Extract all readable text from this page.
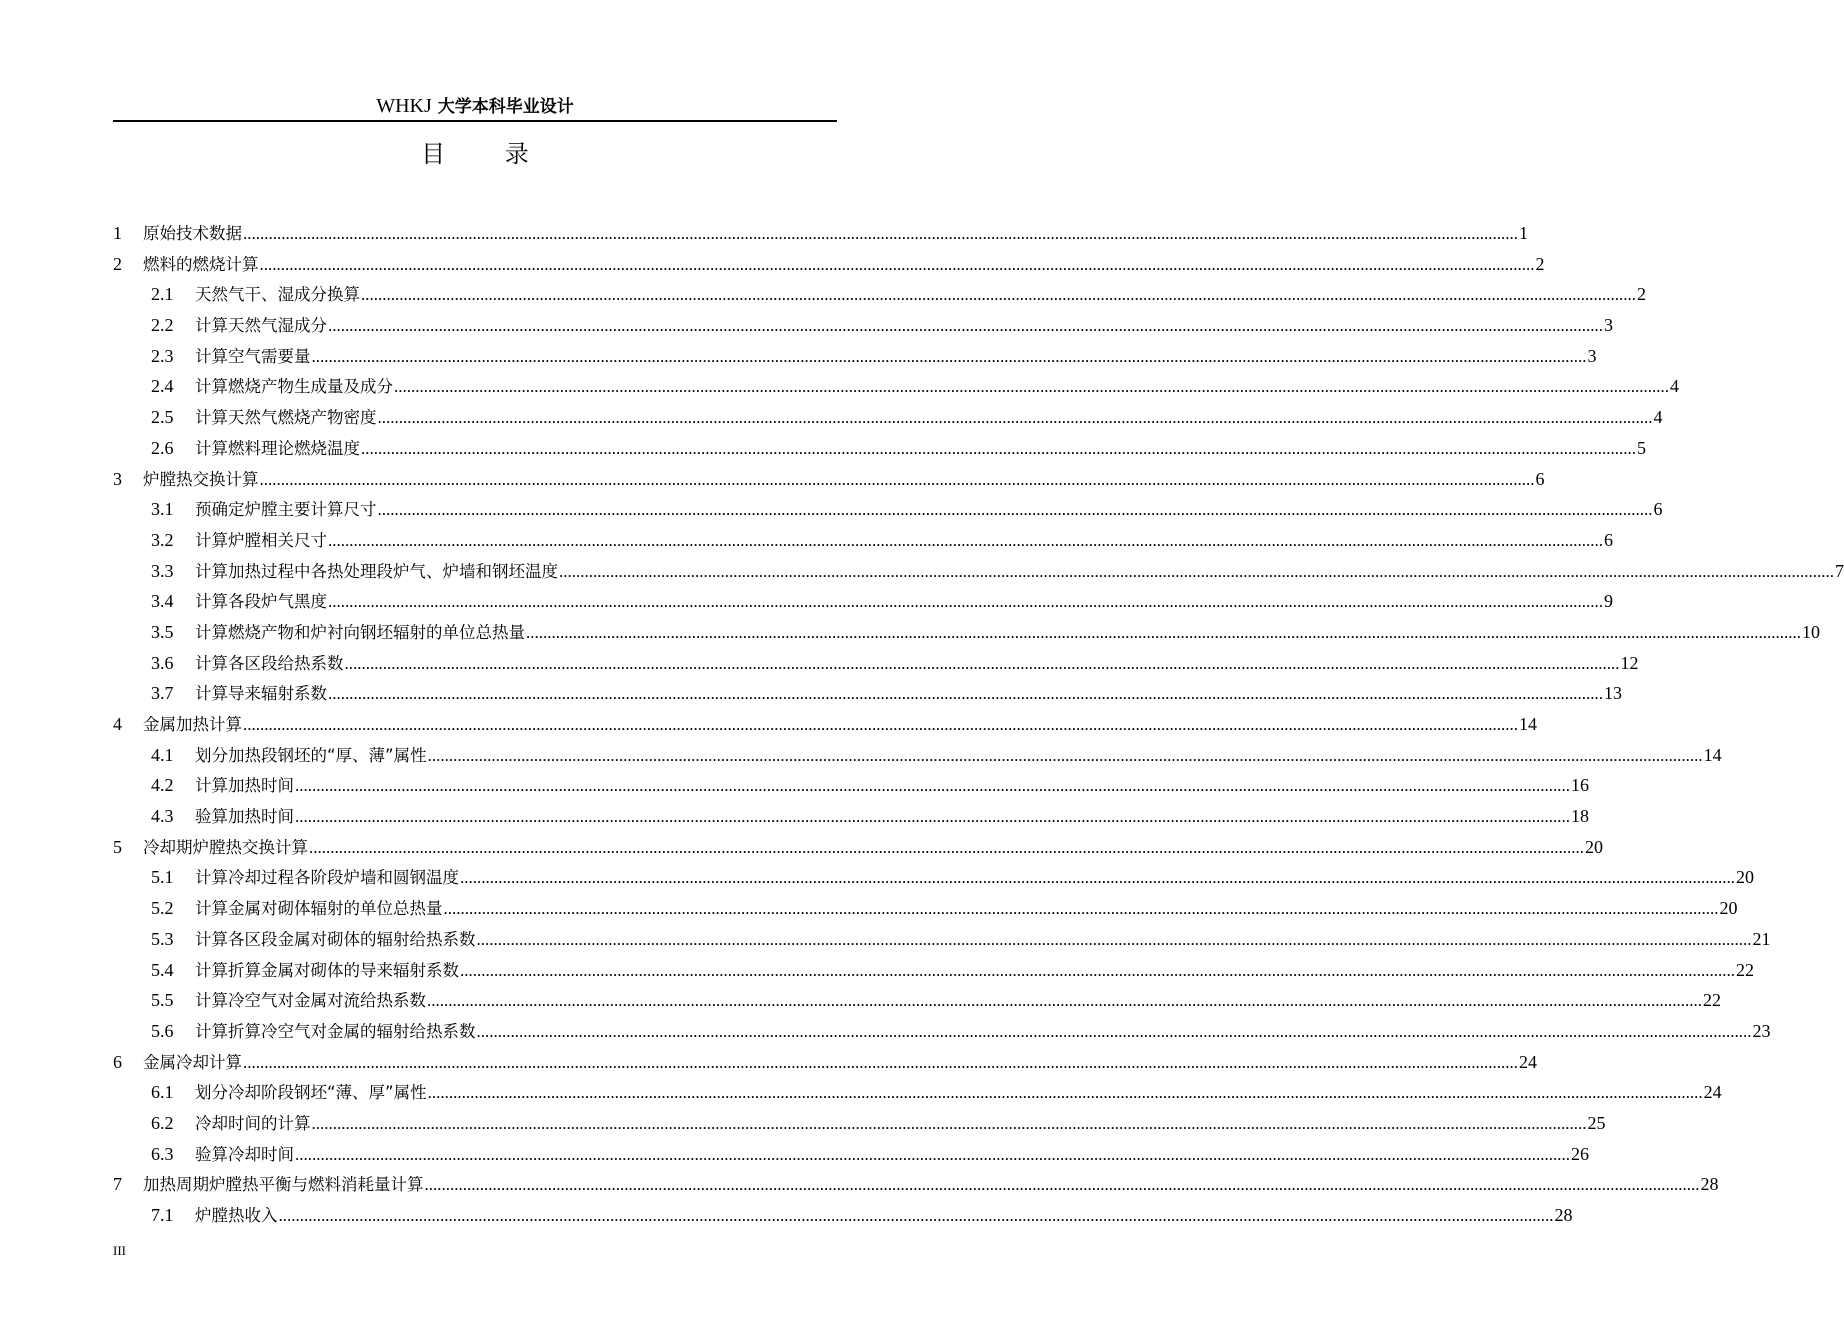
WHKJ 大学本科毕业设计
目 录
1	原始技术数据 ............................................................................................................................................................................................................................................................................................................ 1
2	燃料的燃烧计算 ............................................................................................................................................................................................................................................................................................................ 2
2.1	天然气干、湿成分换算 ............................................................................................................................................................................................................................................................................................................ 2
2.2	计算天然气湿成分 ............................................................................................................................................................................................................................................................................................................ 3
2.3	计算空气需要量 ............................................................................................................................................................................................................................................................................................................ 3
2.4	计算燃烧产物生成量及成分 ............................................................................................................................................................................................................................................................................................................ 4
2.5	计算天然气燃烧产物密度 ............................................................................................................................................................................................................................................................................................................ 4
2.6	计算燃料理论燃烧温度 ............................................................................................................................................................................................................................................................................................................ 5
3	炉膛热交换计算 ............................................................................................................................................................................................................................................................................................................ 6
3.1	预确定炉膛主要计算尺寸 ............................................................................................................................................................................................................................................................................................................ 6
3.2	计算炉膛相关尺寸 ............................................................................................................................................................................................................................................................................................................ 6
3.3	计算加热过程中各热处理段炉气、炉墙和钢坯温度 ............................................................................................................................................................................................................................................................................................................ 7
3.4	计算各段炉气黑度 ............................................................................................................................................................................................................................................................................................................ 9
3.5	计算燃烧产物和炉衬向钢坯辐射的单位总热量 ............................................................................................................................................................................................................................................................................................................ 10
3.6	计算各区段给热系数 ............................................................................................................................................................................................................................................................................................................ 12
3.7	计算导来辐射系数 ............................................................................................................................................................................................................................................................................................................ 13
4	金属加热计算 ............................................................................................................................................................................................................................................................................................................ 14
4.1	划分加热段钢坯的“厚、薄”属性 ............................................................................................................................................................................................................................................................................................................ 14
4.2	计算加热时间 ............................................................................................................................................................................................................................................................................................................ 16
4.3	验算加热时间 ............................................................................................................................................................................................................................................................................................................ 18
5	冷却期炉膛热交换计算 ............................................................................................................................................................................................................................................................................................................ 20
5.1	计算冷却过程各阶段炉墙和圆钢温度 ............................................................................................................................................................................................................................................................................................................ 20
5.2	计算金属对砌体辐射的单位总热量 ............................................................................................................................................................................................................................................................................................................ 20
5.3	计算各区段金属对砌体的辐射给热系数 ............................................................................................................................................................................................................................................................................................................ 21
5.4	计算折算金属对砌体的导来辐射系数 ............................................................................................................................................................................................................................................................................................................ 22
5.5	计算冷空气对金属对流给热系数 ............................................................................................................................................................................................................................................................................................................ 22
5.6	计算折算冷空气对金属的辐射给热系数 ............................................................................................................................................................................................................................................................................................................ 23
6	金属冷却计算 ............................................................................................................................................................................................................................................................................................................ 24
6.1	划分冷却阶段钢坯“薄、厚”属性 ............................................................................................................................................................................................................................................................................................................ 24
6.2	冷却时间的计算 ............................................................................................................................................................................................................................................................................................................ 25
6.3	验算冷却时间 ............................................................................................................................................................................................................................................................................................................ 26
7	加热周期炉膛热平衡与燃料消耗量计算 ............................................................................................................................................................................................................................................................................................................ 28
7.1	炉膛热收入 ............................................................................................................................................................................................................................................................................................................ 28
III
